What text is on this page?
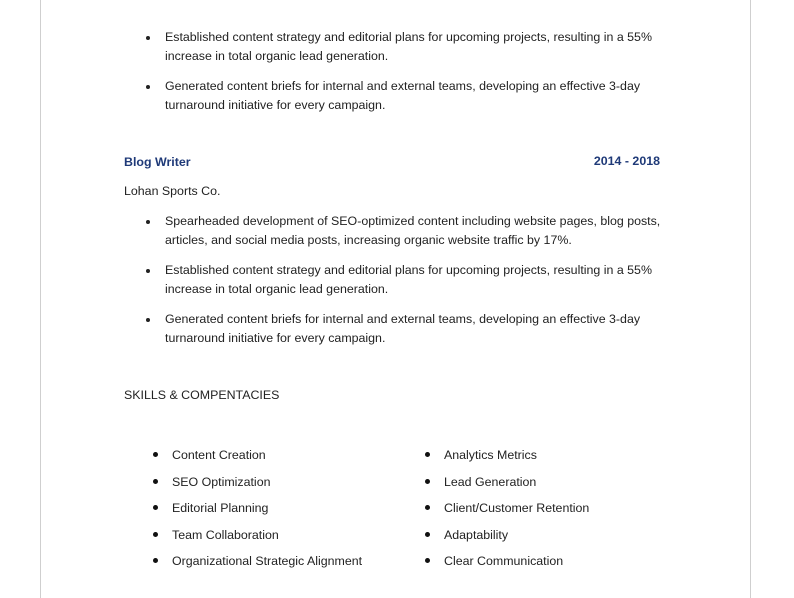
Established content strategy and editorial plans for upcoming projects, resulting in a 55% increase in total organic lead generation.
Generated content briefs for internal and external teams, developing an effective 3-day turnaround initiative for every campaign.
Blog Writer	2014 - 2018
Lohan Sports Co.
Spearheaded development of SEO-optimized content including website pages, blog posts, articles, and social media posts, increasing organic website traffic by 17%.
Established content strategy and editorial plans for upcoming projects, resulting in a 55% increase in total organic lead generation.
Generated content briefs for internal and external teams, developing an effective 3-day turnaround initiative for every campaign.
SKILLS & COMPENTACIES
Content Creation
SEO Optimization
Editorial Planning
Team Collaboration
Organizational Strategic Alignment
Analytics Metrics
Lead Generation
Client/Customer Retention
Adaptability
Clear Communication
